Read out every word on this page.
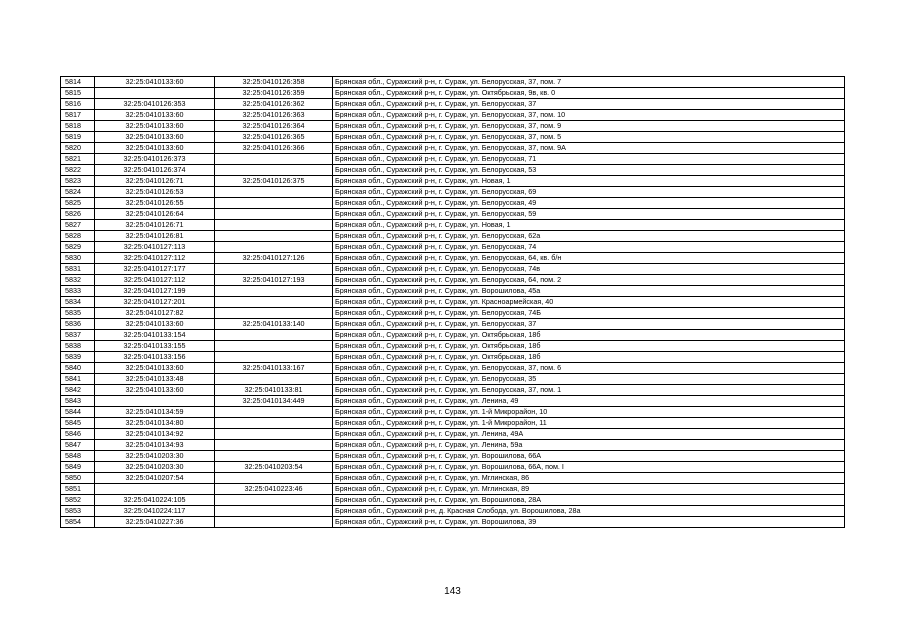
5814	32:25:0410133:60	32:25:0410126:358	Брянская обл., Суражский р-н, г. Сураж, ул. Белорусская, 37, пом. 7
5815		32:25:0410126:359	Брянская обл., Суражский р-н, г. Сураж, ул. Октябрьская, 9в, кв. 0
5816	32:25:0410126:353	32:25:0410126:362	Брянская обл., Суражский р-н, г. Сураж, ул. Белорусская, 37
5817	32:25:0410133:60	32:25:0410126:363	Брянская обл., Суражский р-н, г. Сураж, ул. Белорусская, 37, пом. 10
5818	32:25:0410133:60	32:25:0410126:364	Брянская обл., Суражский р-н, г. Сураж, ул. Белорусская, 37, пом. 9
5819	32:25:0410133:60	32:25:0410126:365	Брянская обл., Суражский р-н, г. Сураж, ул. Белорусская, 37, пом. 5
5820	32:25:0410133:60	32:25:0410126:366	Брянская обл., Суражский р-н, г. Сураж, ул. Белорусская, 37, пом. 9А
5821	32:25:0410126:373		Брянская обл., Суражский р-н, г. Сураж, ул. Белорусская, 71
5822	32:25:0410126:374		Брянская обл., Суражский р-н, г. Сураж, ул. Белорусская, 53
5823	32:25:0410126:71	32:25:0410126:375	Брянская обл., Суражский р-н, г. Сураж, ул. Новая, 1
5824	32:25:0410126:53		Брянская обл., Суражский р-н, г. Сураж, ул. Белорусская, 69
5825	32:25:0410126:55		Брянская обл., Суражский р-н, г. Сураж, ул. Белорусская, 49
5826	32:25:0410126:64		Брянская обл., Суражский р-н, г. Сураж, ул. Белорусская, 59
5827	32:25:0410126:71		Брянская обл., Суражский р-н, г. Сураж, ул. Новая, 1
5828	32:25:0410126:81		Брянская обл., Суражский р-н, г. Сураж, ул. Белорусская, 62а
5829	32:25:0410127:113		Брянская обл., Суражский р-н, г. Сураж, ул. Белорусская, 74
5830	32:25:0410127:112	32:25:0410127:126	Брянская обл., Суражский р-н, г. Сураж, ул. Белорусская, 64, кв. б/н
5831	32:25:0410127:177		Брянская обл., Суражский р-н, г. Сураж, ул. Белорусская, 74в
5832	32:25:0410127:112	32:25:0410127:193	Брянская обл., Суражский р-н, г. Сураж, ул. Белорусская, 64, пом. 2
5833	32:25:0410127:199		Брянская обл., Суражский р-н, г. Сураж, ул. Ворошилова, 45а
5834	32:25:0410127:201		Брянская обл., Суражский р-н, г. Сураж, ул. Красноармейская, 40
5835	32:25:0410127:82		Брянская обл., Суражский р-н, г. Сураж, ул. Белорусская, 74Б
5836	32:25:0410133:60	32:25:0410133:140	Брянская обл., Суражский р-н, г. Сураж, ул. Белорусская, 37
5837	32:25:0410133:154		Брянская обл., Суражский р-н, г. Сураж, ул. Октябрьская, 18б
5838	32:25:0410133:155		Брянская обл., Суражский р-н, г. Сураж, ул. Октябрьская, 18б
5839	32:25:0410133:156		Брянская обл., Суражский р-н, г. Сураж, ул. Октябрьская, 18б
5840	32:25:0410133:60	32:25:0410133:167	Брянская обл., Суражский р-н, г. Сураж, ул. Белорусская, 37, пом. 6
5841	32:25:0410133:48		Брянская обл., Суражский р-н, г. Сураж, ул. Белорусская, 35
5842	32:25:0410133:60	32:25:0410133:81	Брянская обл., Суражский р-н, г. Сураж, ул. Белорусская, 37, пом. 1
5843		32:25:0410134:449	Брянская обл., Суражский р-н, г. Сураж, ул. Ленина, 49
5844	32:25:0410134:59		Брянская обл., Суражский р-н, г. Сураж, ул. 1-й Микрорайон, 10
5845	32:25:0410134:80		Брянская обл., Суражский р-н, г. Сураж, ул. 1-й Микрорайон, 11
5846	32:25:0410134:92		Брянская обл., Суражский р-н, г. Сураж, ул. Ленина, 49А
5847	32:25:0410134:93		Брянская обл., Суражский р-н, г. Сураж, ул. Ленина, 59а
5848	32:25:0410203:30		Брянская обл., Суражский р-н, г. Сураж, ул. Ворошилова, 66А
5849	32:25:0410203:30	32:25:0410203:54	Брянская обл., Суражский р-н, г. Сураж, ул. Ворошилова, 66А, пом. I
5850	32:25:0410207:54		Брянская обл., Суражский р-н, г. Сураж, ул. Мглинская, 86
5851		32:25:0410223:46	Брянская обл., Суражский р-н, г. Сураж, ул. Мглинская, 89
5852	32:25:0410224:105		Брянская обл., Суражский р-н, г. Сураж, ул. Ворошилова, 28А
5853	32:25:0410224:117		Брянская обл., Суражский р-н, д. Красная Слобода, ул. Ворошилова, 28а
5854	32:25:0410227:36		Брянская обл., Суражский р-н, г. Сураж, ул. Ворошилова, 39
143
